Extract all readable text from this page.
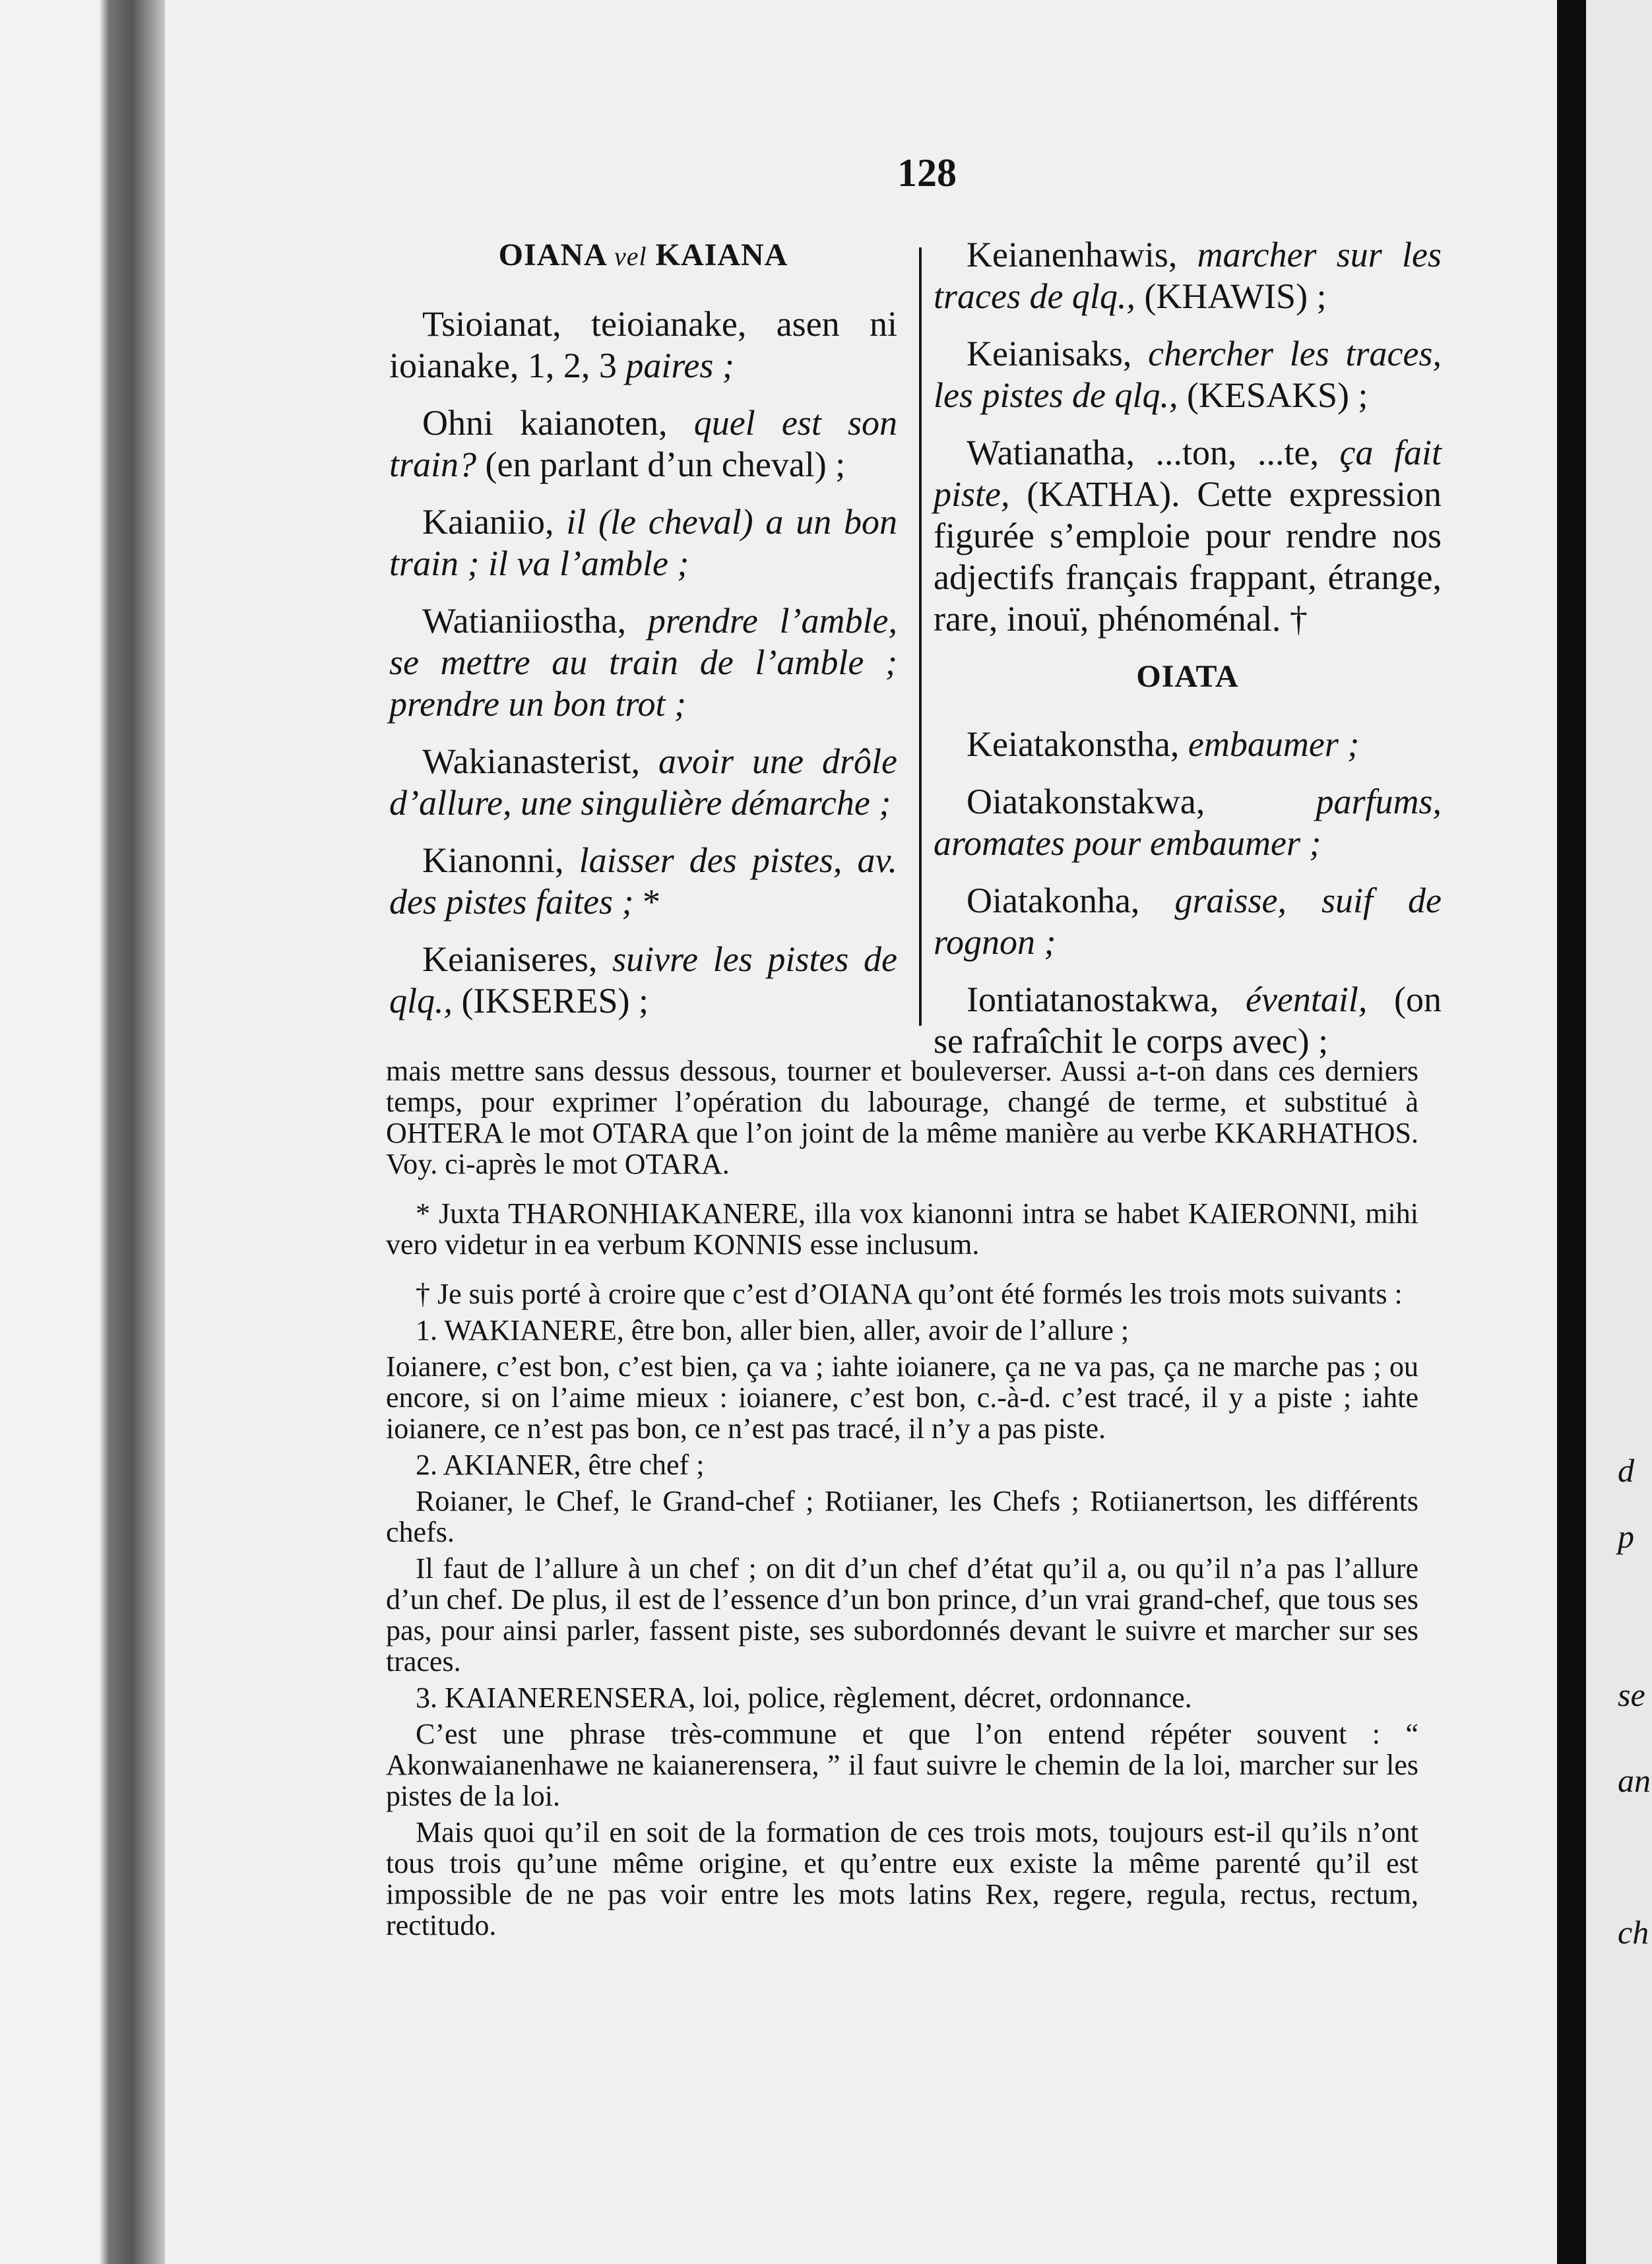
d
p
se
an
ch
128
OIANA vel KAIANA
Tsioianat, teioianake, asen ni ioianake, 1, 2, 3 paires ;
Ohni kaianoten, quel est son train? (en parlant d’un cheval) ;
Kaianiio, il (le cheval) a un bon train ; il va l’amble ;
Watianiiostha, prendre l’amble, se mettre au train de l’amble ; prendre un bon trot ;
Wakianasterist, avoir une drôle d’allure, une singulière démarche ;
Kianonni, laisser des pistes, av. des pistes faites ; *
Keianiseres, suivre les pistes de qlq., (IKSERES) ;
Keianenhawis, marcher sur les traces de qlq., (KHAWIS) ;
Keianisaks, chercher les traces, les pistes de qlq., (KESAKS) ;
Watianatha, ...ton, ...te, ça fait piste, (KATHA). Cette expression figurée s’emploie pour rendre nos adjectifs français frappant, étrange, rare, inouï, phénoménal. †
OIATA
Keiatakonstha, embaumer ;
Oiatakonstakwa, parfums, aromates pour embaumer ;
Oiatakonha, graisse, suif de rognon ;
Iontiatanostakwa, éventail, (on se rafraîchit le corps avec) ;

mais mettre sans dessus dessous, tourner et bouleverser. Aussi a-t-on dans ces derniers temps, pour exprimer l’opération du labourage, changé de terme, et substitué à OHTERA le mot OTARA que l’on joint de la même manière au verbe KKARHATHOS. Voy. ci-après le mot OTARA.

* Juxta THARONHIAKANERE, illa vox kianonni intra se habet KAIERONNI, mihi vero videtur in ea verbum KONNIS esse inclusum.

† Je suis porté à croire que c’est d’OIANA qu’ont été formés les trois mots suivants :

1. WAKIANERE, être bon, aller bien, aller, avoir de l’allure ;

Ioianere, c’est bon, c’est bien, ça va ; iahte ioianere, ça ne va pas, ça ne marche pas ; ou encore, si on l’aime mieux : ioianere, c’est bon, c.-à-d. c’est tracé, il y a piste ; iahte ioianere, ce n’est pas bon, ce n’est pas tracé, il n’y a pas piste.

2. AKIANER, être chef ;

Roianer, le Chef, le Grand-chef ; Rotiianer, les Chefs ; Rotiianertson, les différents chefs.

Il faut de l’allure à un chef ; on dit d’un chef d’état qu’il a, ou qu’il n’a pas l’allure d’un chef. De plus, il est de l’essence d’un bon prince, d’un vrai grand-chef, que tous ses pas, pour ainsi parler, fassent piste, ses subordonnés devant le suivre et marcher sur ses traces.

3. KAIANERENSERA, loi, police, règlement, décret, ordonnance.

C’est une phrase très-commune et que l’on entend répéter souvent : “ Akonwaianenhawe ne kaianerensera, ” il faut suivre le chemin de la loi, marcher sur les pistes de la loi.

Mais quoi qu’il en soit de la formation de ces trois mots, toujours est-il qu’ils n’ont tous trois qu’une même origine, et qu’entre eux existe la même parenté qu’il est impossible de ne pas voir entre les mots latins Rex, regere, regula, rectus, rectum, rectitudo.
